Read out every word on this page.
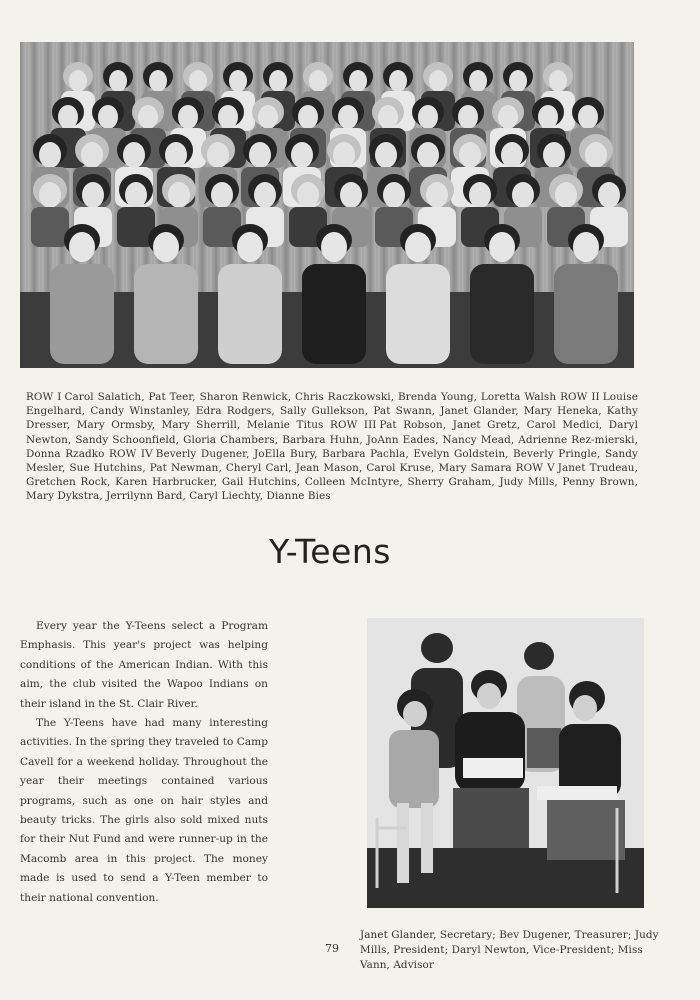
ROW I Carol Salatich, Pat Teer, Sharon Renwick, Chris Raczkowski, Brenda Young, Loretta Walsh ROW II Louise Engelhard, Candy Winstanley, Edra Rodgers, Sally Gullekson, Pat Swann, Janet Glander, Mary Heneka, Kathy Dresser, Mary Ormsby, Mary Sherrill, Melanie Titus ROW III Pat Robson, Janet Gretz, Carol Medici, Daryl Newton, Sandy Schoonfield, Gloria Chambers, Barbara Huhn, JoAnn Eades, Nancy Mead, Adrienne Rez-mierski, Donna Rzadko ROW IV Beverly Dugener, JoElla Bury, Barbara Pachla, Evelyn Goldstein, Beverly Pringle, Sandy Mesler, Sue Hutchins, Pat Newman, Cheryl Carl, Jean Mason, Carol Kruse, Mary Samara ROW V Janet Trudeau, Gretchen Rock, Karen Harbrucker, Gail Hutchins, Colleen McIntyre, Sherry Graham, Judy Mills, Penny Brown, Mary Dykstra, Jerrilynn Bard, Caryl Liechty, Dianne Bies
Y-Teens

Every year the Y-Teens select a Program Emphasis. This year's project was helping conditions of the American Indian. With this aim, the club visited the Wapoo Indians on their island in the St. Clair River.

The Y-Teens have had many interesting activities. In the spring they traveled to Camp Cavell for a weekend holiday. Throughout the year their meetings contained various programs, such as one on hair styles and beauty tricks. The girls also sold mixed nuts for their Nut Fund and were runner-up in the Macomb area in this project. The money made is used to send a Y-Teen member to their national convention.

79
Janet Glander, Secretary; Bev Dugener, Treasurer; Judy Mills, President; Daryl Newton, Vice-President; Miss Vann, Advisor
